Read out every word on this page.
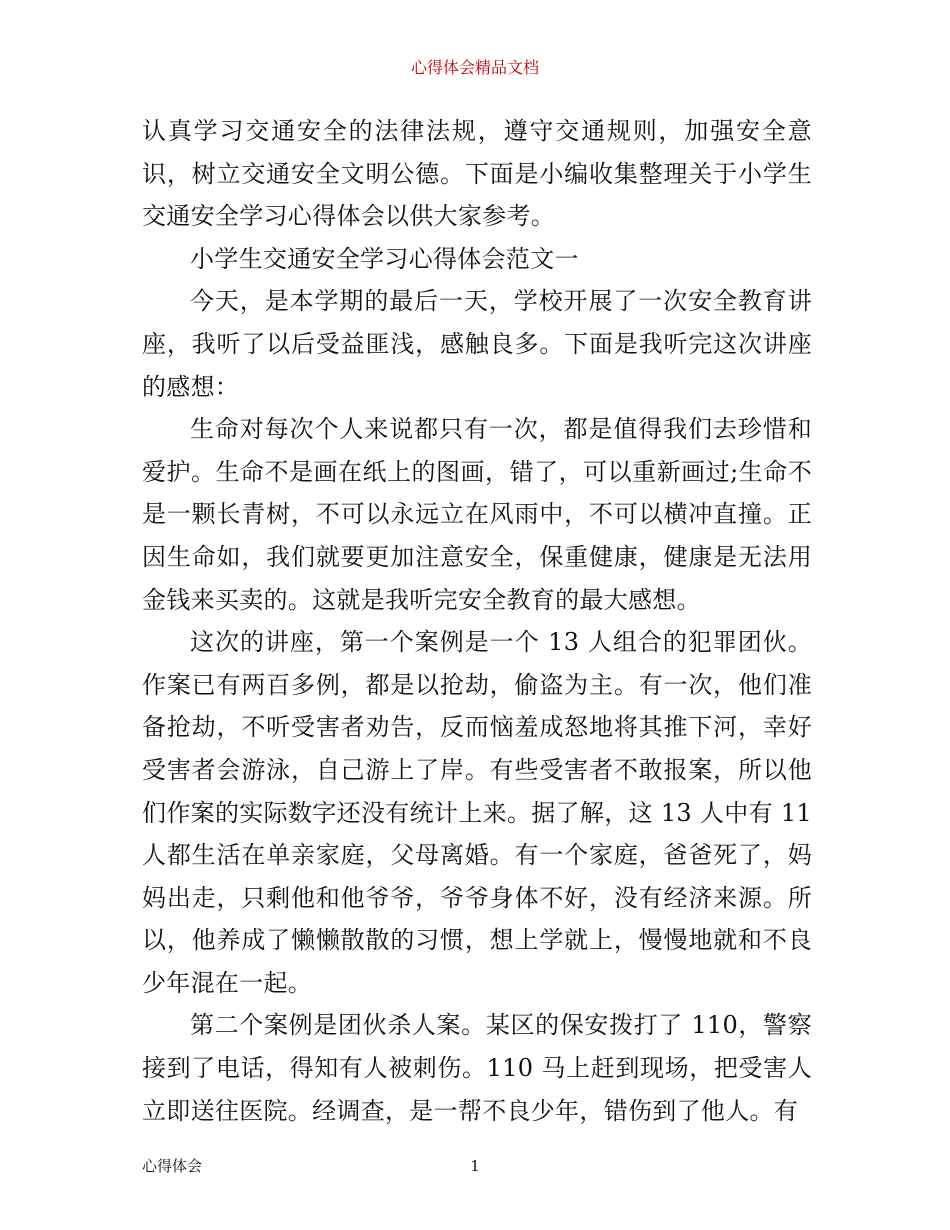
心得体会精品文档

认真学习交通安全的法律法规，遵守交通规则，加强安全意识，树立交通安全文明公德。下面是小编收集整理关于小学生交通安全学习心得体会以供大家参考。

小学生交通安全学习心得体会范文一

今天，是本学期的最后一天，学校开展了一次安全教育讲座，我听了以后受益匪浅，感触良多。下面是我听完这次讲座的感想：

生命对每次个人来说都只有一次，都是值得我们去珍惜和爱护。生命不是画在纸上的图画，错了，可以重新画过;生命不是一颗长青树，不可以永远立在风雨中，不可以横冲直撞。正因生命如，我们就要更加注意安全，保重健康，健康是无法用金钱来买卖的。这就是我听完安全教育的最大感想。

这次的讲座，第一个案例是一个 13 人组合的犯罪团伙。作案已有两百多例，都是以抢劫，偷盗为主。有一次，他们准备抢劫，不听受害者劝告，反而恼羞成怒地将其推下河，幸好受害者会游泳，自己游上了岸。有些受害者不敢报案，所以他们作案的实际数字还没有统计上来。据了解，这 13 人中有 11 人都生活在单亲家庭，父母离婚。有一个家庭，爸爸死了，妈妈出走，只剩他和他爷爷，爷爷身体不好，没有经济来源。所以，他养成了懒懒散散的习惯，想上学就上，慢慢地就和不良少年混在一起。

第二个案例是团伙杀人案。某区的保安拨打了 110，警察接到了电话，得知有人被刺伤。110 马上赶到现场，把受害人立即送往医院。经调查，是一帮不良少年，错伤到了他人。有

心得体会	1
